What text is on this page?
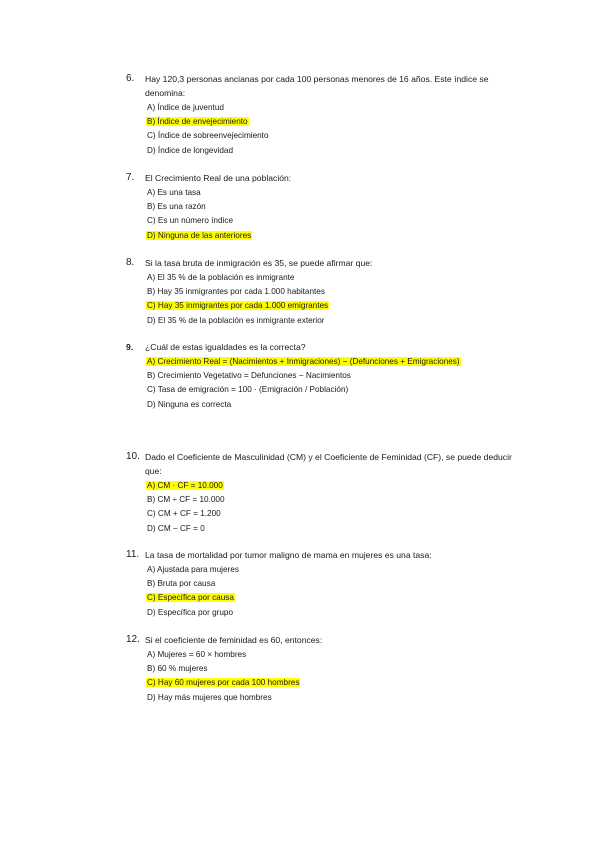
6.	Hay 120,3 personas ancianas por cada 100 personas menores de 16 años. Este índice se denomina:
A) Índice de juventud
B) Índice de envejecimiento
C) Índice de sobreenvejecimiento
D) Índice de longevidad
7.	El Crecimiento Real de una población:
A) Es una tasa
B) Es una razón
C) Es un número índice
D) Ninguna de las anteriores
8.	Si la tasa bruta de inmigración es 35, se puede afirmar que:
A) El 35 % de la población es inmigrante
B) Hay 35 inmigrantes por cada 1.000 habitantes
C) Hay 35 inmigrantes por cada 1.000 emigrantes
D) El 35 % de la población es inmigrante exterior
9.	¿Cuál de estas igualdades es la correcta?
A) Crecimiento Real = (Nacimientos + Inmigraciones) − (Defunciones + Emigraciones)
B) Crecimiento Vegetativo = Defunciones − Nacimientos
C) Tasa de emigración = 100 · (Emigración / Población)
D) Ninguna es correcta
10. Dado el Coeficiente de Masculinidad (CM) y el Coeficiente de Feminidad (CF), se puede deducir que:
A) CM · CF = 10.000
B) CM ÷ CF = 10.000
C) CM + CF = 1.200
D) CM − CF = 0
11. La tasa de mortalidad por tumor maligno de mama en mujeres es una tasa:
A) Ajustada para mujeres
B) Bruta por causa
C) Específica por causa
D) Específica por grupo
12. Si el coeficiente de feminidad es 60, entonces:
A) Mujeres = 60 × hombres
B) 60 % mujeres
C) Hay 60 mujeres por cada 100 hombres
D) Hay más mujeres que hombres
